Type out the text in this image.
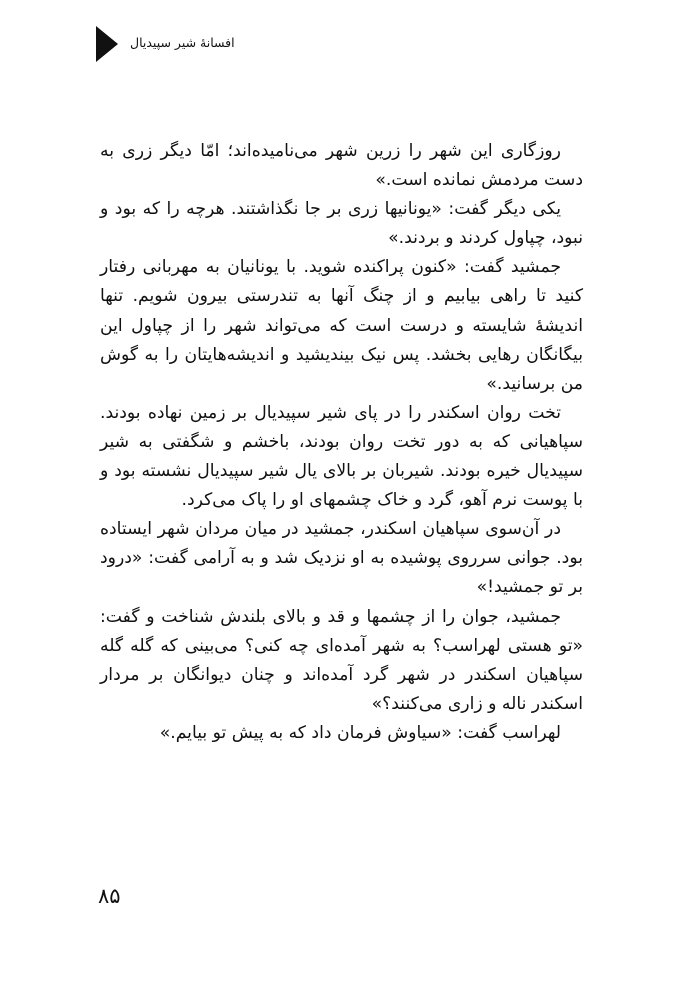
افسانهٔ شیر سپیدیال

روزگاری این شهر را زرین شهر می‌نامیده‌اند؛ امّا دیگر زری به دست مردمش نمانده است.»

یکی دیگر گفت: «یونانیها زری بر جا نگذاشتند. هرچه را که بود و نبود، چپاول کردند و بردند.»

جمشید گفت: «کنون پراکنده شوید. با یونانیان به مهربانی رفتار کنید تا راهی بیابیم و از چنگ آنها به تندرستی بیرون شویم. تنها اندیشهٔ شایسته و درست است که می‌تواند شهر را از چپاول این بیگانگان رهایی بخشد. پس نیک بیندیشید و اندیشه‌هایتان را به گوش من برسانید.»

تخت روان اسکندر را در پای شیر سپیدیال بر زمین نهاده بودند. سپاهیانی که به دور تخت روان بودند، باخشم و شگفتی به شیر سپیدیال خیره بودند. شیربان بر بالای یال شیر سپیدیال نشسته بود و با پوست نرم آهو، گرد و خاک چشمهای او را پاک می‌کرد.

در آن‌سوی سپاهیان اسکندر، جمشید در میان مردان شهر ایستاده بود. جوانی سرروی پوشیده به او نزدیک شد و به آرامی گفت: «درود بر تو جمشید!»

جمشید، جوان را از چشمها و قد و بالای بلندش شناخت و گفت: «تو هستی لهراسب؟ به شهر آمده‌ای چه کنی؟ می‌بینی که گله گله سپاهیان اسکندر در شهر گرد آمده‌اند و چنان دیوانگان بر مردار اسکندر ناله و زاری می‌کنند؟»

لهراسب گفت: «سیاوش فرمان داد که به پیش تو بیایم.»

۸۵
